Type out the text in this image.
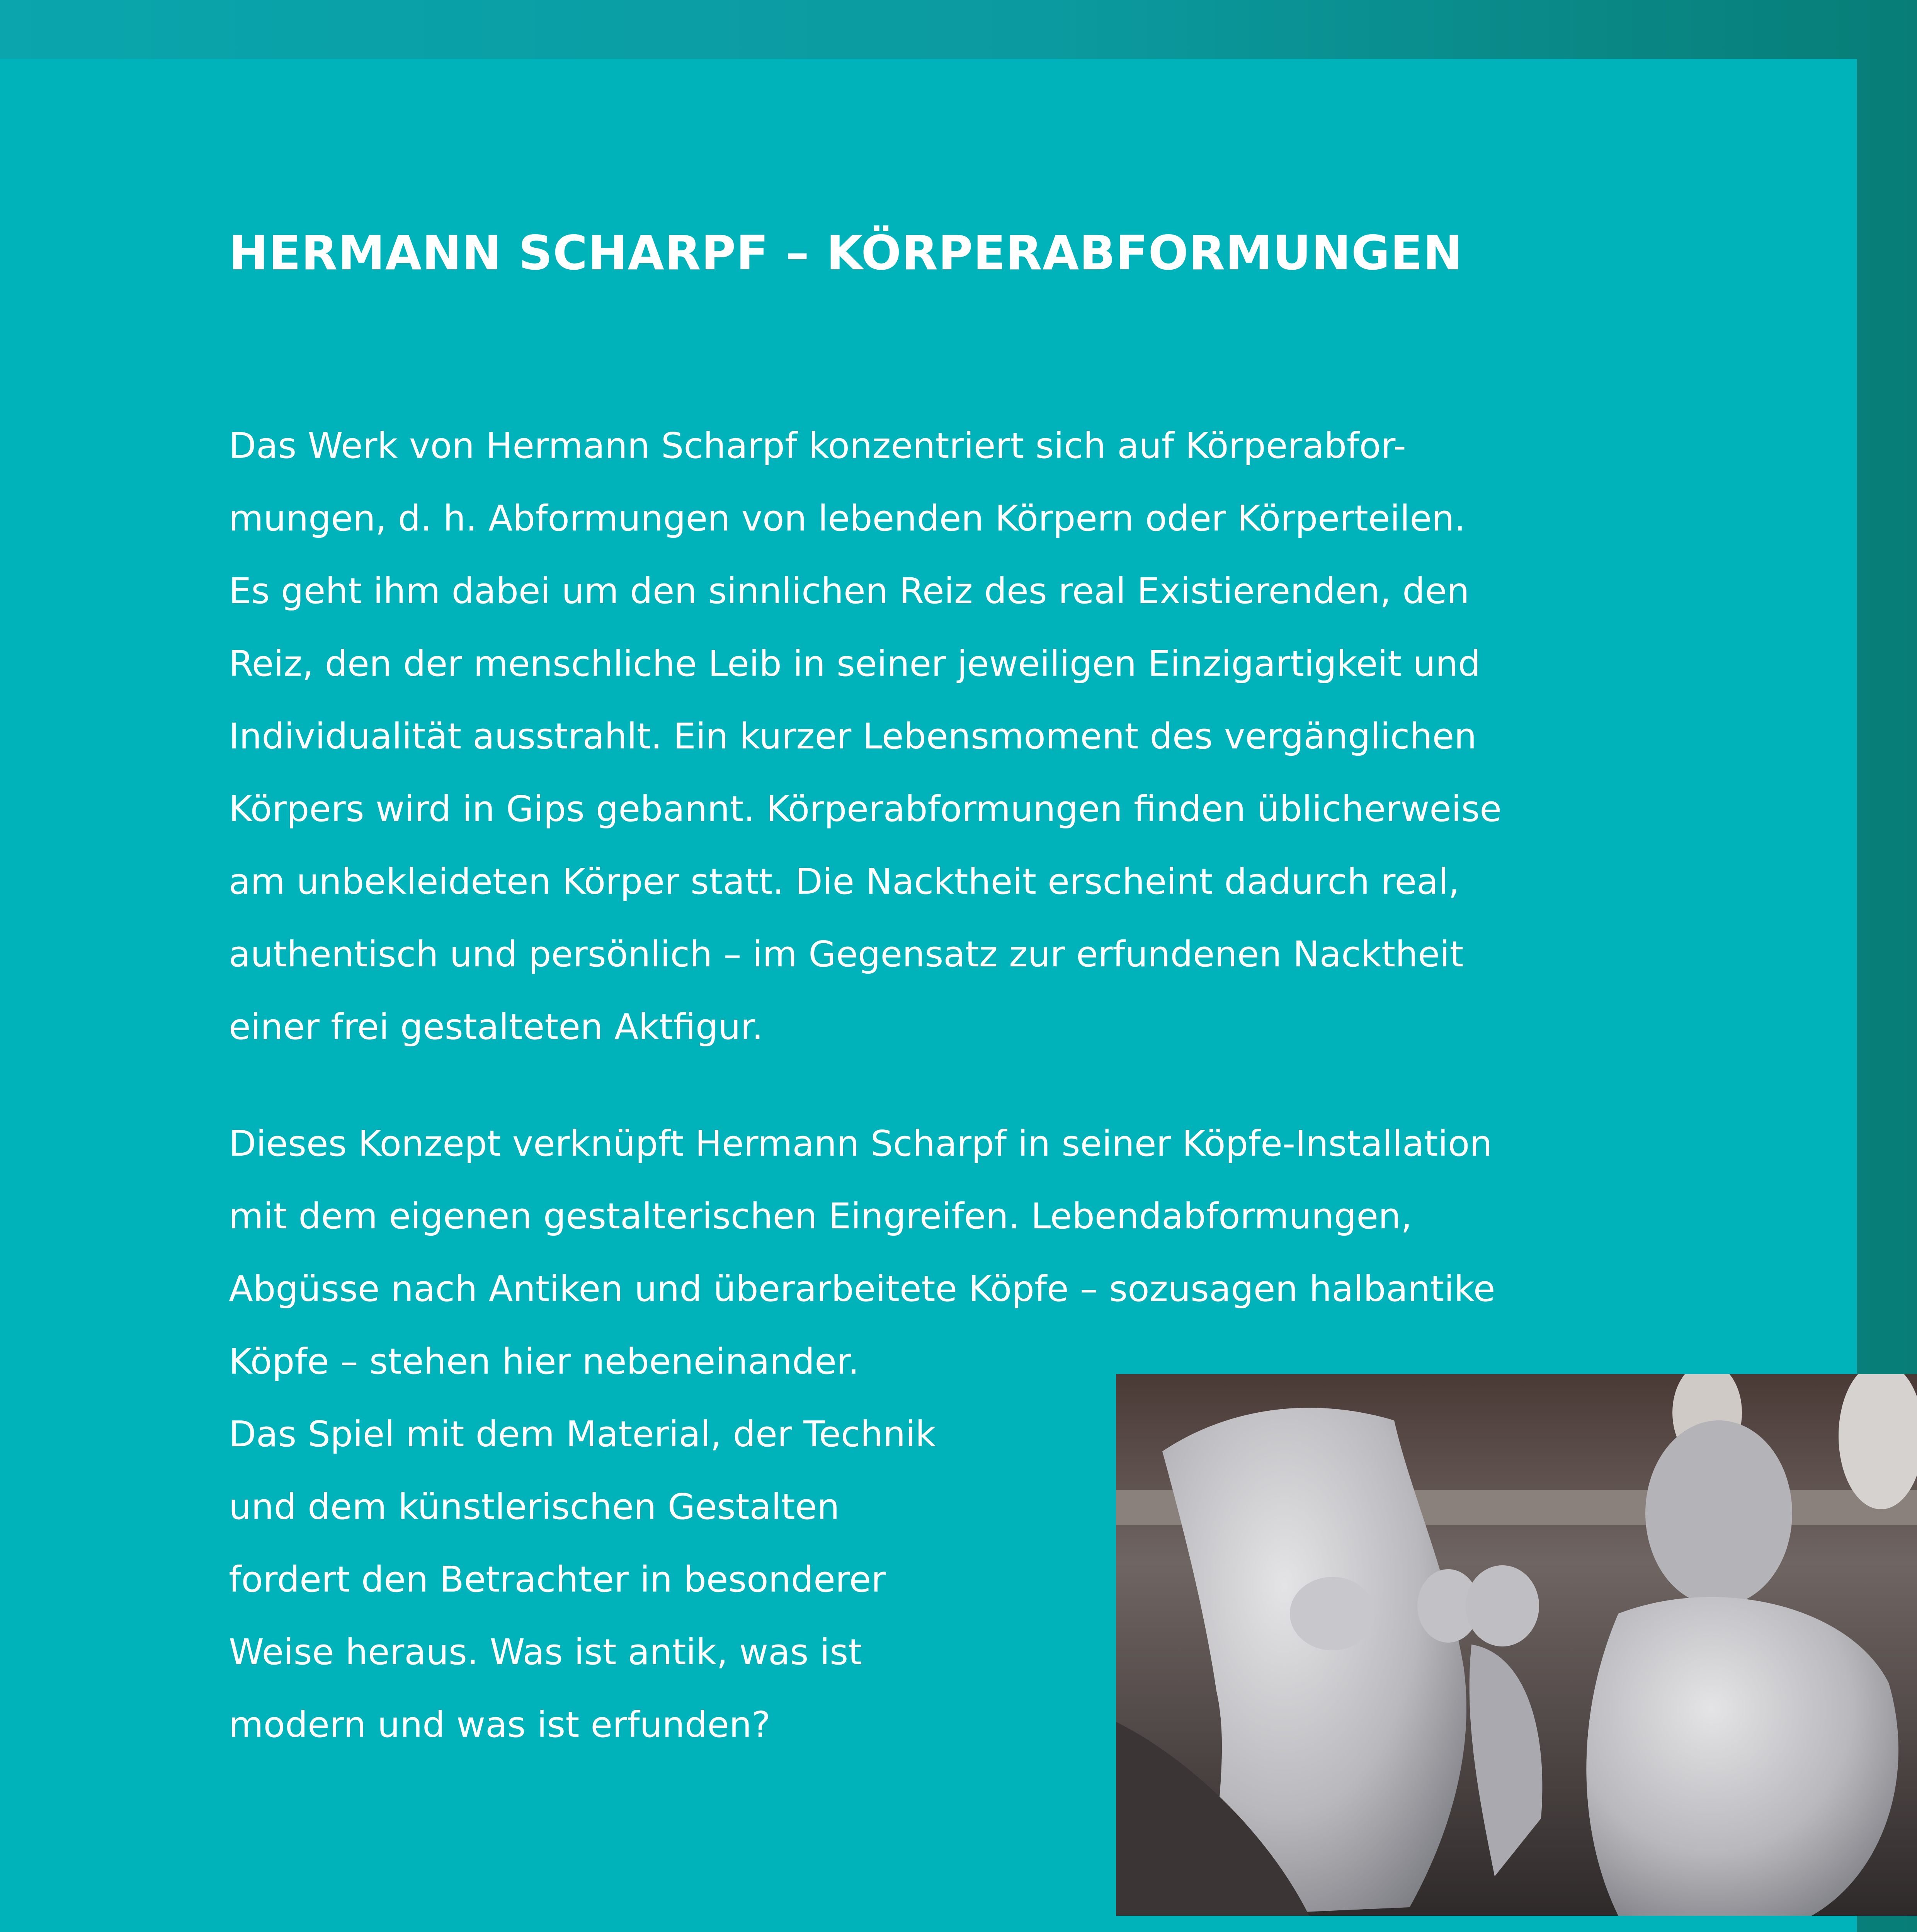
HERMANN SCHARPF – KÖRPERABFORMUNGEN
Das Werk von Hermann Scharpf konzentriert sich auf Körperabfor-
mungen, d. h. Abformungen von lebenden Körpern oder Körperteilen.
Es geht ihm dabei um den sinnlichen Reiz des real Existierenden, den
Reiz, den der menschliche Leib in seiner jeweiligen Einzigartigkeit und
Individualität ausstrahlt. Ein kurzer Lebensmoment des vergänglichen
Körpers wird in Gips gebannt. Körperabformungen finden üblicherweise
am unbekleideten Körper statt. Die Nacktheit erscheint dadurch real,
authentisch und persönlich – im Gegensatz zur erfundenen Nacktheit
einer frei gestalteten Aktfigur.
Dieses Konzept verknüpft Hermann Scharpf in seiner Köpfe-Installation
mit dem eigenen gestalterischen Eingreifen. Lebendabformungen,
Abgüsse nach Antiken und überarbeitete Köpfe – sozusagen halbantike
Köpfe – stehen hier nebeneinander.
Das Spiel mit dem Material, der Technik
und dem künstlerischen Gestalten
fordert den Betrachter in besonderer
Weise heraus. Was ist antik, was ist
modern und was ist erfunden?
